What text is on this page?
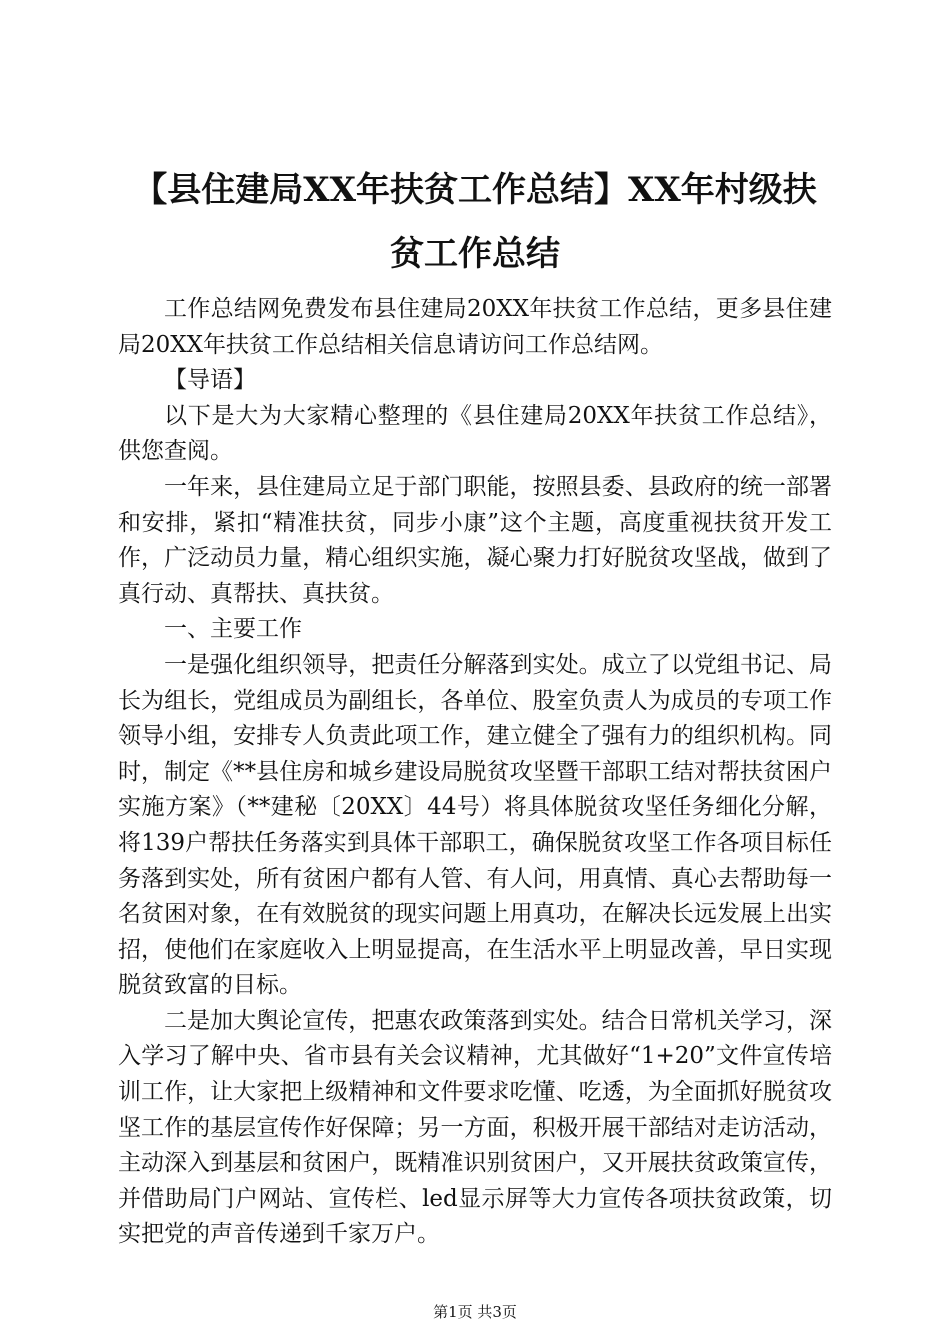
【县住建局XX年扶贫工作总结】XX年村级扶贫工作总结

工作总结网免费发布县住建局20XX年扶贫工作总结，更多县住建局20XX年扶贫工作总结相关信息请访问工作总结网。

【导语】

以下是大为大家精心整理的《县住建局20XX年扶贫工作总结》，供您查阅。

一年来，县住建局立足于部门职能，按照县委、县政府的统一部署和安排，紧扣“精准扶贫，同步小康”这个主题，高度重视扶贫开发工作，广泛动员力量，精心组织实施，凝心聚力打好脱贫攻坚战，做到了真行动、真帮扶、真扶贫。

一、主要工作

一是强化组织领导，把责任分解落到实处。成立了以党组书记、局长为组长，党组成员为副组长，各单位、股室负责人为成员的专项工作领导小组，安排专人负责此项工作，建立健全了强有力的组织机构。同时，制定《**县住房和城乡建设局脱贫攻坚暨干部职工结对帮扶贫困户实施方案》（**建秘〔20XX〕44号）将具体脱贫攻坚任务细化分解，将139户帮扶任务落实到具体干部职工，确保脱贫攻坚工作各项目标任务落到实处，所有贫困户都有人管、有人问，用真情、真心去帮助每一名贫困对象，在有效脱贫的现实问题上用真功，在解决长远发展上出实招，使他们在家庭收入上明显提高，在生活水平上明显改善，早日实现脱贫致富的目标。

二是加大舆论宣传，把惠农政策落到实处。结合日常机关学习，深入学习了解中央、省市县有关会议精神，尤其做好“1+20”文件宣传培训工作，让大家把上级精神和文件要求吃懂、吃透，为全面抓好脱贫攻坚工作的基层宣传作好保障；另一方面，积极开展干部结对走访活动，主动深入到基层和贫困户，既精准识别贫困户，又开展扶贫政策宣传，并借助局门户网站、宣传栏、led显示屏等大力宣传各项扶贫政策，切实把党的声音传递到千家万户。

第1页 共3页
